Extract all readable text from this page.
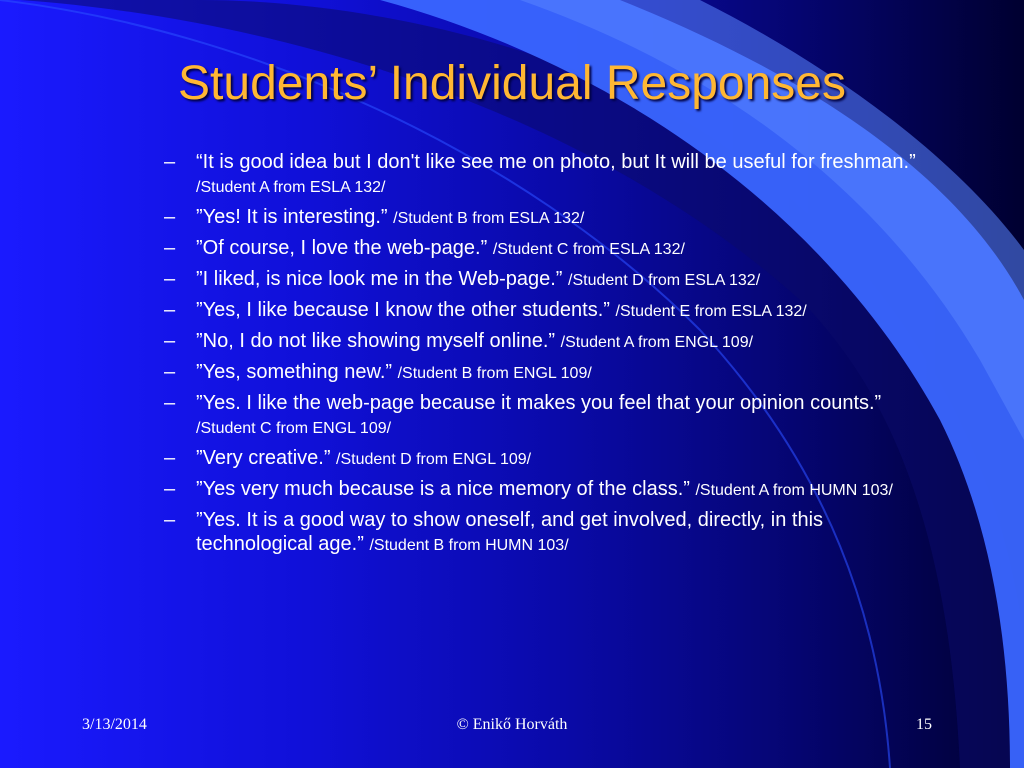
Students’ Individual Responses
– “It is good idea but I don't like see me on photo, but It will be useful for freshman.” /Student A from ESLA 132/
– ”Yes! It is interesting.” /Student B from ESLA 132/
– ”Of course, I love the web-page.” /Student C from ESLA 132/
– ”I liked, is nice look me in the Web-page.” /Student D from ESLA 132/
– ”Yes, I like because I know the other students.” /Student E from ESLA 132/
– ”No, I do not like showing myself online.” /Student A from ENGL 109/
– ”Yes, something new.” /Student B from ENGL 109/
– ”Yes. I like the web-page because it makes you feel that your opinion counts.” /Student C from ENGL 109/
– ”Very creative.” /Student D from ENGL 109/
– ”Yes very much because is a nice memory of the class.” /Student A from HUMN 103/
– ”Yes. It is a good way to show oneself, and get involved, directly, in this technological age.” /Student B from HUMN 103/
3/13/2014	© Enikő Horváth	15
